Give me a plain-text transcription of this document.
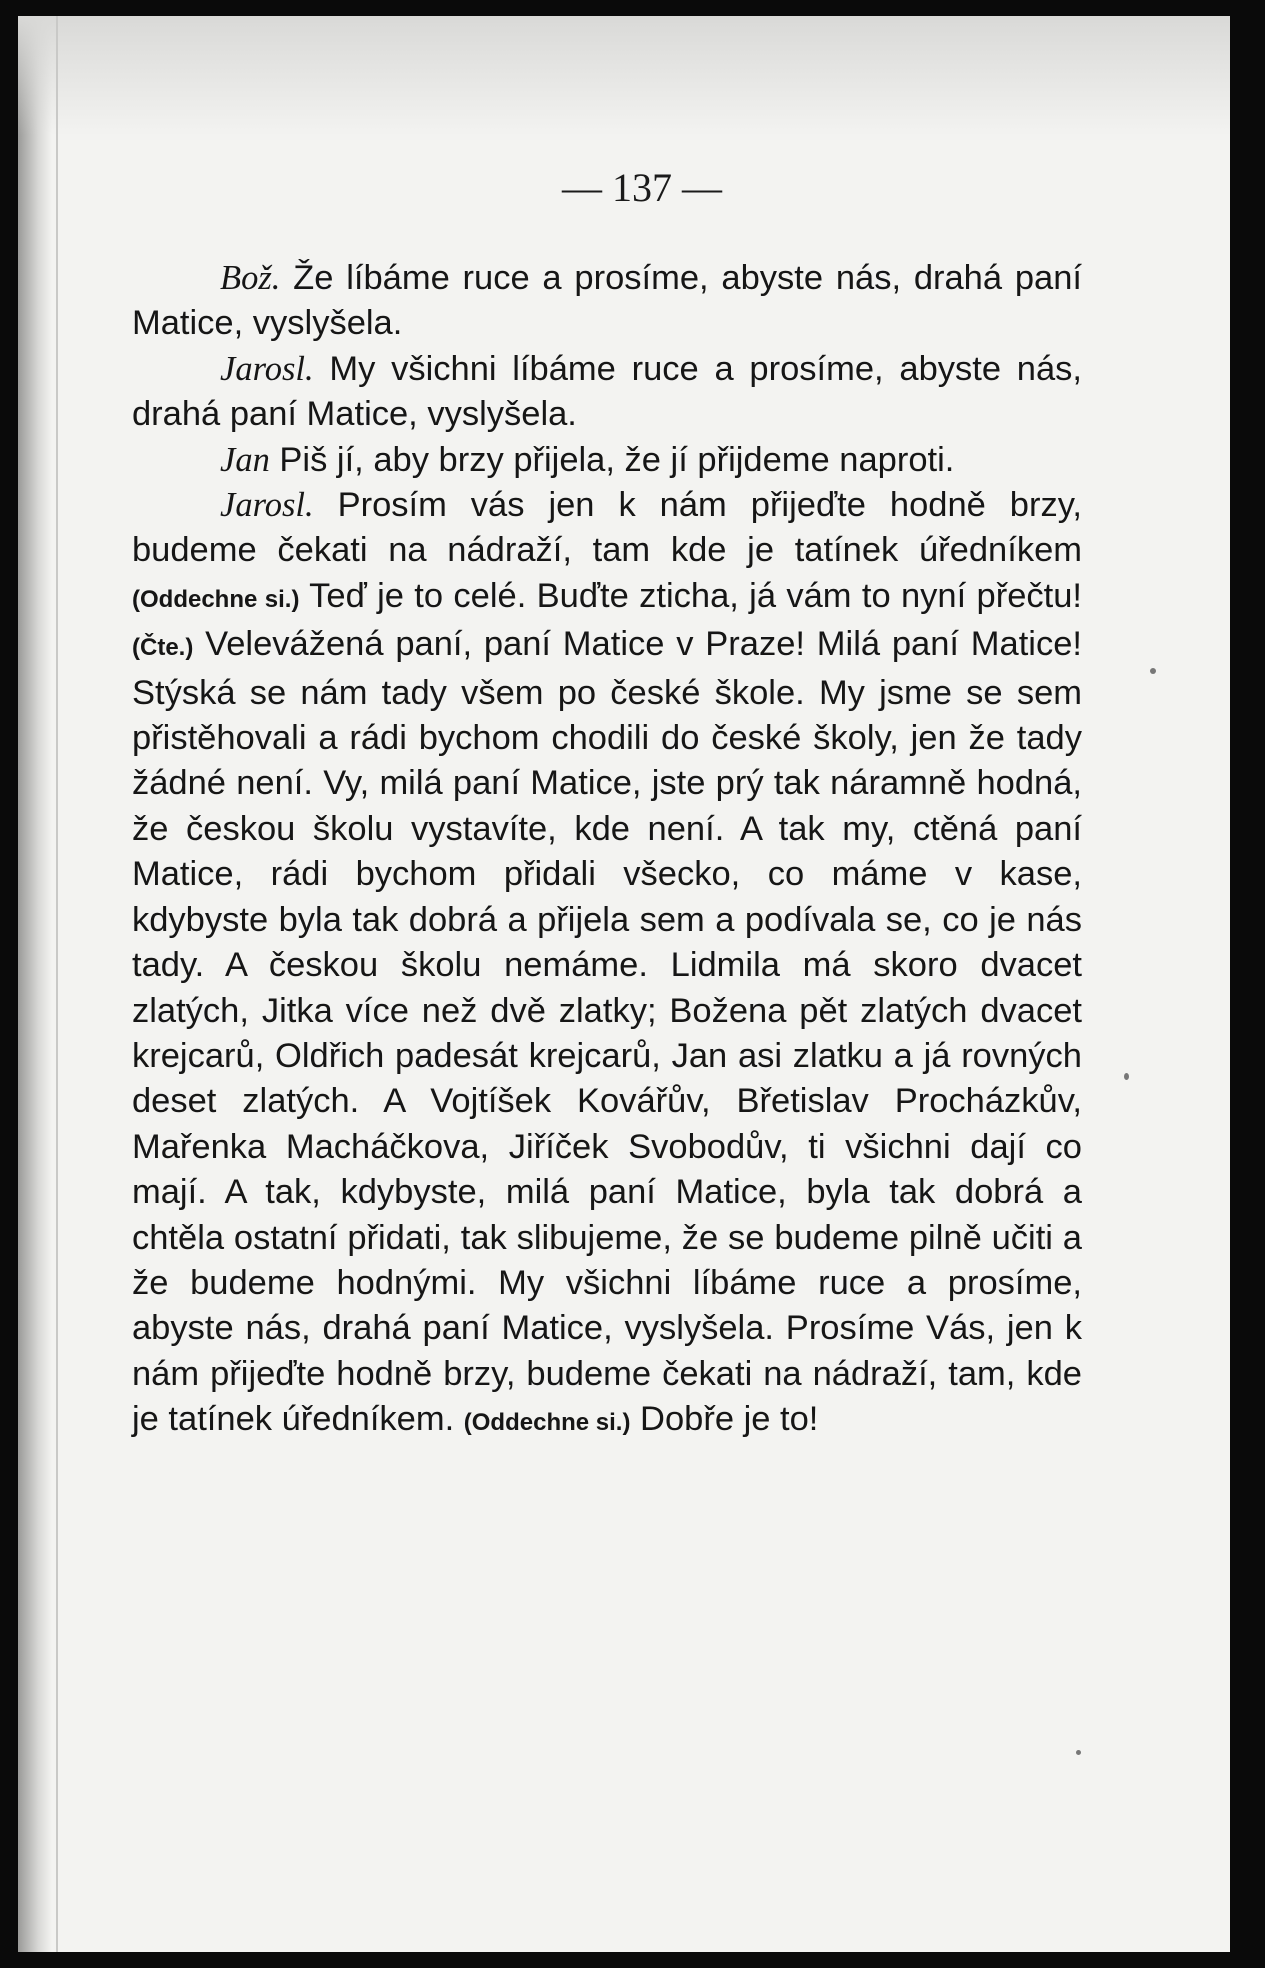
— 137 —

Bož. Že líbáme ruce a prosíme, abyste nás, drahá paní Matice, vyslyšela.

Jarosl. My všichni líbáme ruce a prosíme, abyste nás, drahá paní Matice, vyslyšela.

Jan Piš jí, aby brzy přijela, že jí přijdeme naproti.

Jarosl. Prosím vás jen k nám přijeďte hodně brzy, budeme čekati na nádraží, tam kde je tatínek úředníkem (Oddechne si.) Teď je to celé. Buďte zticha, já vám to nyní přečtu! (Čte.) Velevážená paní, paní Matice v Praze! Milá paní Matice! Stýská se nám tady všem po české škole. My jsme se sem přistěhovali a rádi bychom chodili do české školy, jen že tady žádné není. Vy, milá paní Matice, jste prý tak náramně hodná, že českou školu vystavíte, kde není. A tak my, ctěná paní Matice, rádi bychom přidali všecko, co máme v kase, kdybyste byla tak dobrá a přijela sem a podívala se, co je nás tady. A českou školu nemáme. Lidmila má skoro dvacet zlatých, Jitka více než dvě zlatky; Božena pět zlatých dvacet krejcarů, Oldřich padesát krejcarů, Jan asi zlatku a já rovných deset zlatých. A Vojtíšek Kovářův, Břetislav Procházkův, Mařenka Macháčkova, Jiříček Svobodův, ti všichni dají co mají. A tak, kdybyste, milá paní Matice, byla tak dobrá a chtěla ostatní přidati, tak slibujeme, že se budeme pilně učiti a že budeme hodnými. My všichni líbáme ruce a prosíme, abyste nás, drahá paní Matice, vyslyšela. Prosíme Vás, jen k nám přijeďte hodně brzy, budeme čekati na nádraží, tam, kde je tatínek úředníkem. (Oddechne si.) Dobře je to!
